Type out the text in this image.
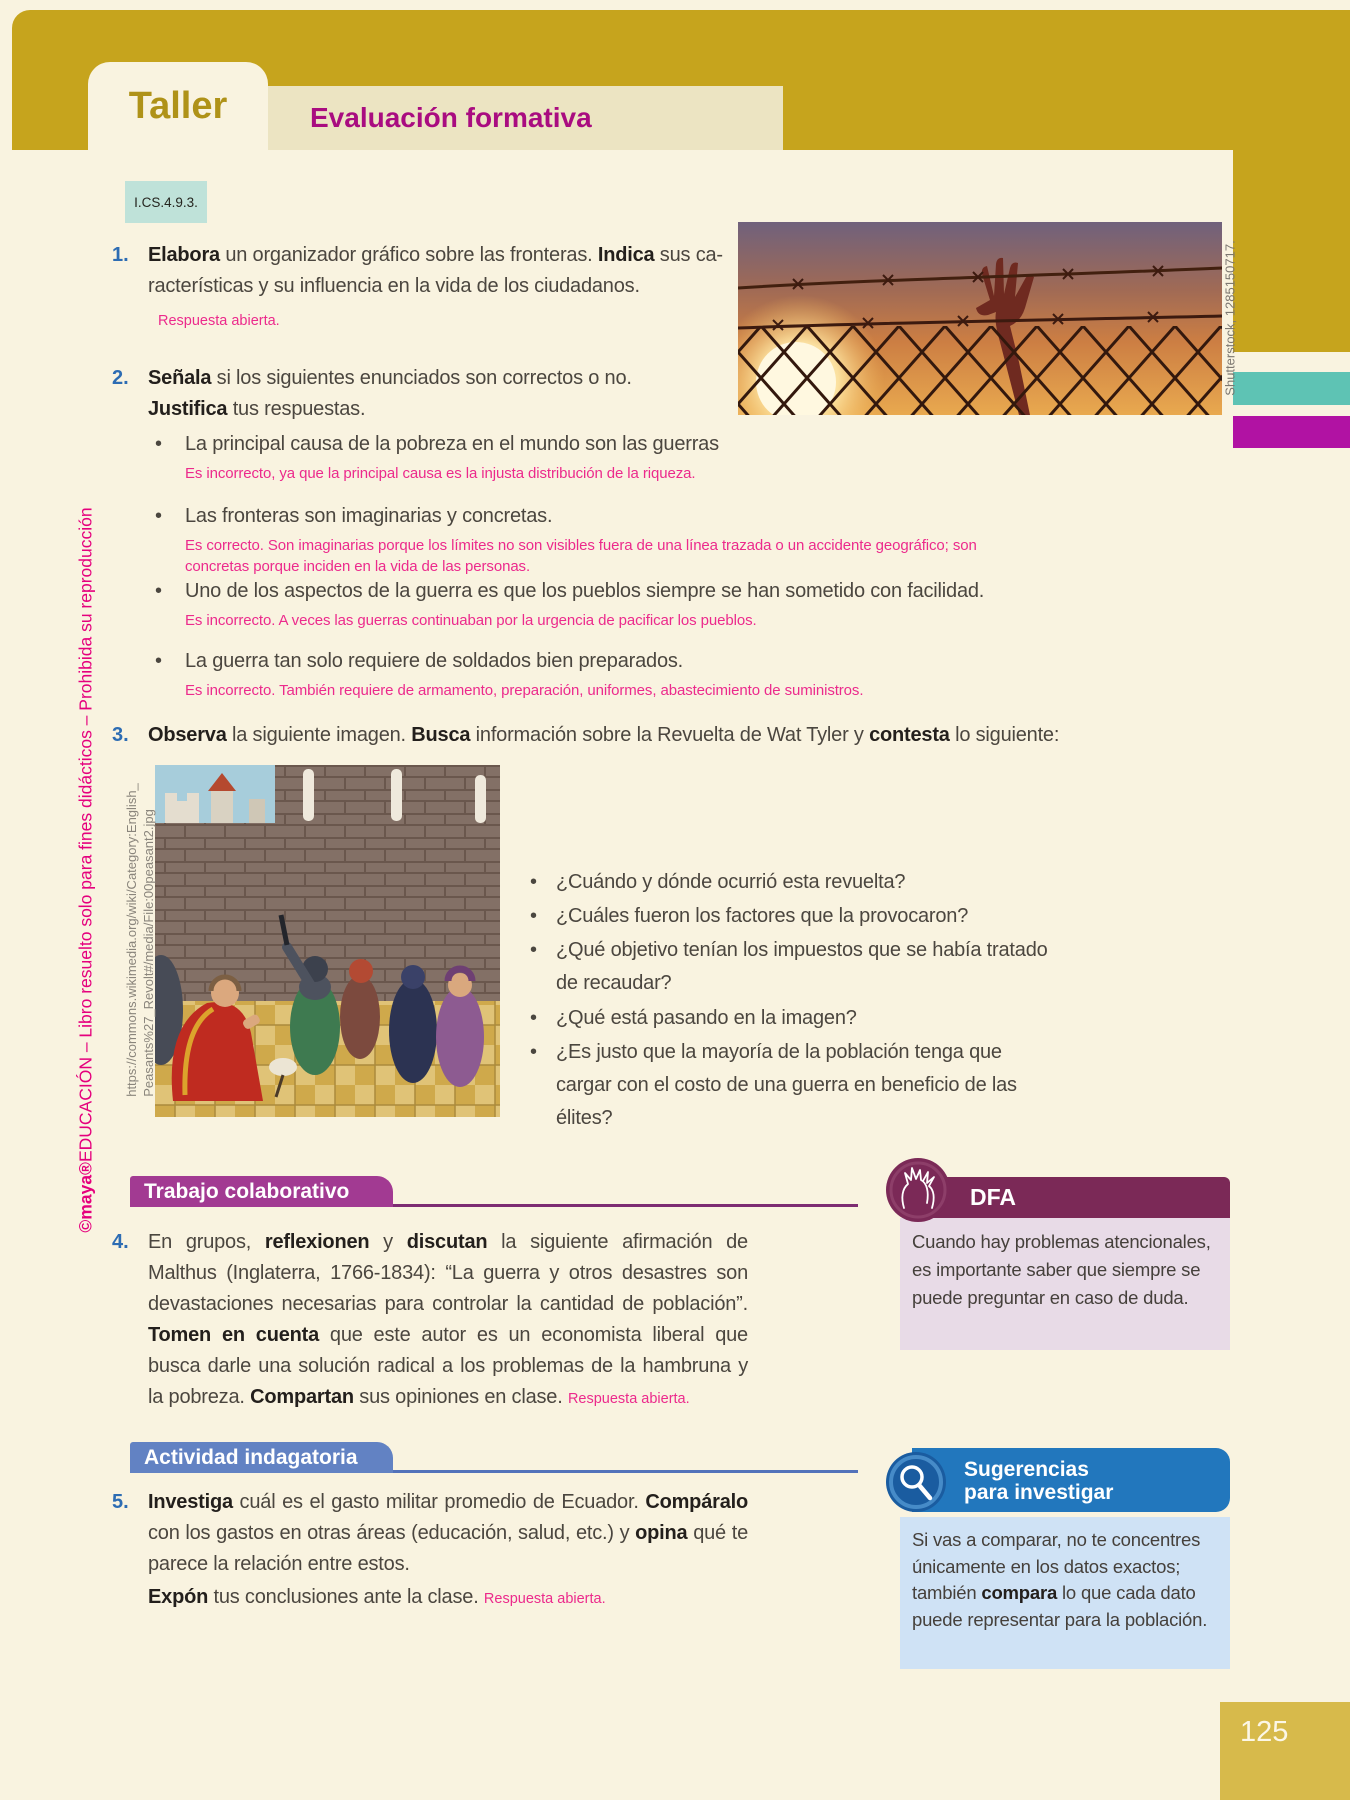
Taller	Evaluación formativa
I.CS.4.9.3.
©maya®EDUCACIÓN – Libro resuelto solo para fines didácticos – Prohibida su reproducción
1. Elabora un organizador gráfico sobre las fronteras. Indica sus características y su influencia en la vida de los ciudadanos.
Respuesta abierta.	Shutterstock, 1285150717.
2. Señala si los siguientes enunciados son correctos o no. Justifica tus respuestas.
• La principal causa de la pobreza en el mundo son las guerras
Es incorrecto, ya que la principal causa es la injusta distribución de la riqueza.
• Las fronteras son imaginarias y concretas.
Es correcto. Son imaginarias porque los límites no son visibles fuera de una línea trazada o un accidente geográfico; son concretas porque inciden en la vida de las personas.
• Uno de los aspectos de la guerra es que los pueblos siempre se han sometido con facilidad.
Es incorrecto. A veces las guerras continuaban por la urgencia de pacificar los pueblos.
• La guerra tan solo requiere de soldados bien preparados.
Es incorrecto. También requiere de armamento, preparación, uniformes, abastecimiento de suministros.
3. Observa la siguiente imagen. Busca información sobre la Revuelta de Wat Tyler y contesta lo siguiente:
https://commons.wikimedia.org/wiki/Category:English_ Peasants%27_Revolt#/media/File:00peasant2.jpg	• ¿Cuándo y dónde ocurrió esta revuelta?
• ¿Cuáles fueron los factores que la provocaron?
• ¿Qué objetivo tenían los impuestos que se había tratado de recaudar?
• ¿Qué está pasando en la imagen?
• ¿Es justo que la mayoría de la población tenga que cargar con el costo de una guerra en beneficio de las élites?
Trabajo colaborativo
4. En grupos, reflexionen y discutan la siguiente afirmación de Malthus (Inglaterra, 1766-1834): “La guerra y otros desastres son devastaciones necesarias para controlar la cantidad de población”. Tomen en cuenta que este autor es un economista liberal que busca darle una solución radical a los problemas de la hambruna y la pobreza. Compartan sus opiniones en clase. Respuesta abierta.
DFA
Cuando hay problemas atencionales, es importante saber que siempre se puede preguntar en caso de duda.
Actividad indagatoria
5. Investiga cuál es el gasto militar promedio de Ecuador. Compáralo con los gastos en otras áreas (educación, salud, etc.) y opina qué te parece la relación entre estos.
Expón tus conclusiones ante la clase. Respuesta abierta.
Sugerencias
para investigar
Si vas a comparar, no te concentres únicamente en los datos exactos; también compara lo que cada dato puede representar para la población.
125
